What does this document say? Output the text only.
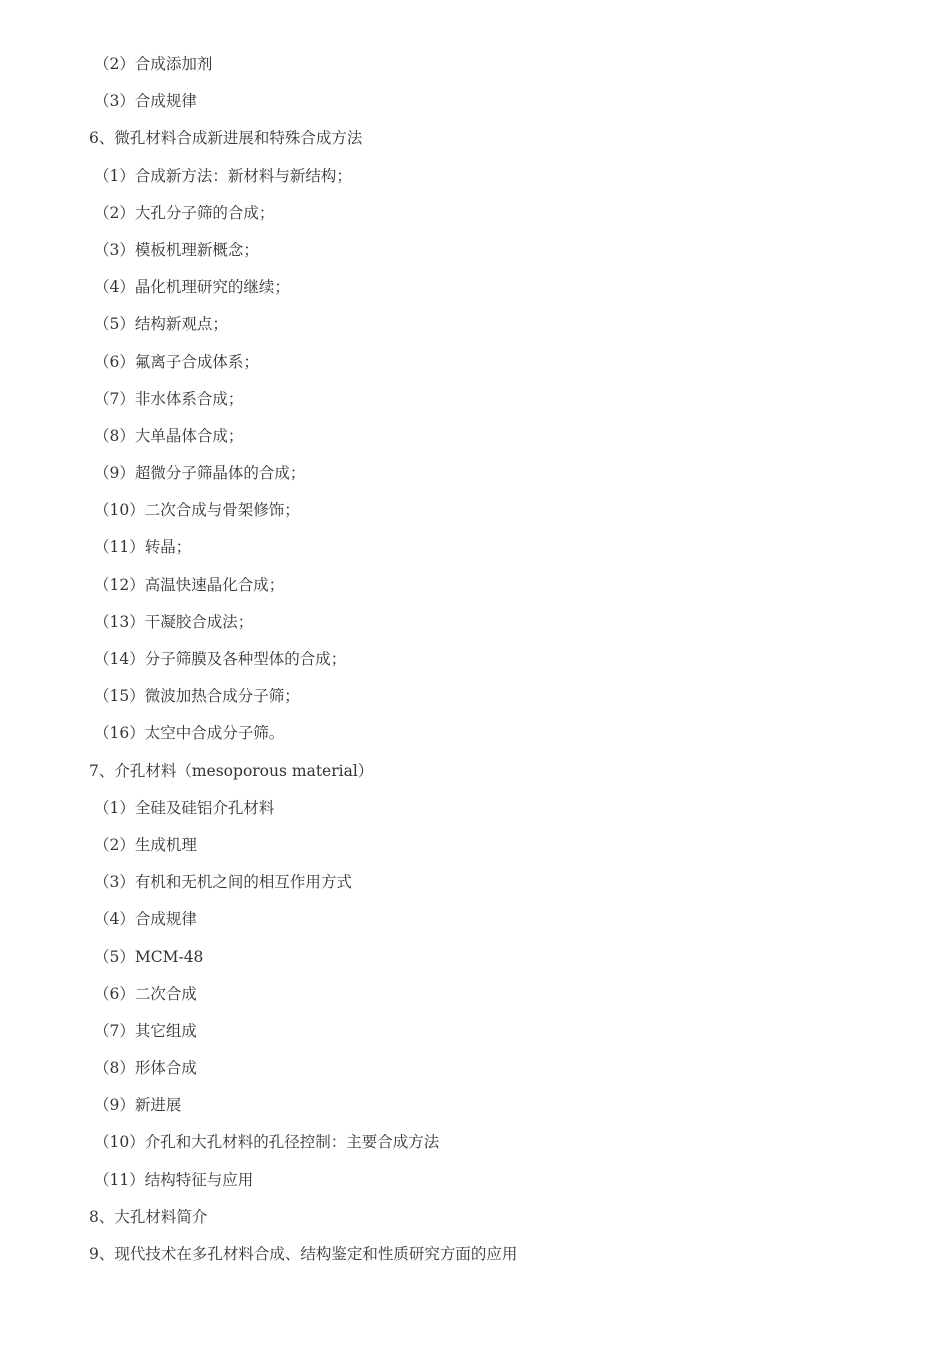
（2）合成添加剂
（3）合成规律
6、微孔材料合成新进展和特殊合成方法
（1）合成新方法：新材料与新结构；
（2）大孔分子筛的合成；
（3）模板机理新概念；
（4）晶化机理研究的继续；
（5）结构新观点；
（6）氟离子合成体系；
（7）非水体系合成；
（8）大单晶体合成；
（9）超微分子筛晶体的合成；
（10）二次合成与骨架修饰；
（11）转晶；
（12）高温快速晶化合成；
（13）干凝胶合成法；
（14）分子筛膜及各种型体的合成；
（15）微波加热合成分子筛；
（16）太空中合成分子筛。
7、介孔材料（mesoporous material）
（1）全硅及硅铝介孔材料
（2）生成机理
（3）有机和无机之间的相互作用方式
（4）合成规律
（5）MCM-48
（6）二次合成
（7）其它组成
（8）形体合成
（9）新进展
（10）介孔和大孔材料的孔径控制：主要合成方法
（11）结构特征与应用
8、大孔材料简介
9、现代技术在多孔材料合成、结构鉴定和性质研究方面的应用
